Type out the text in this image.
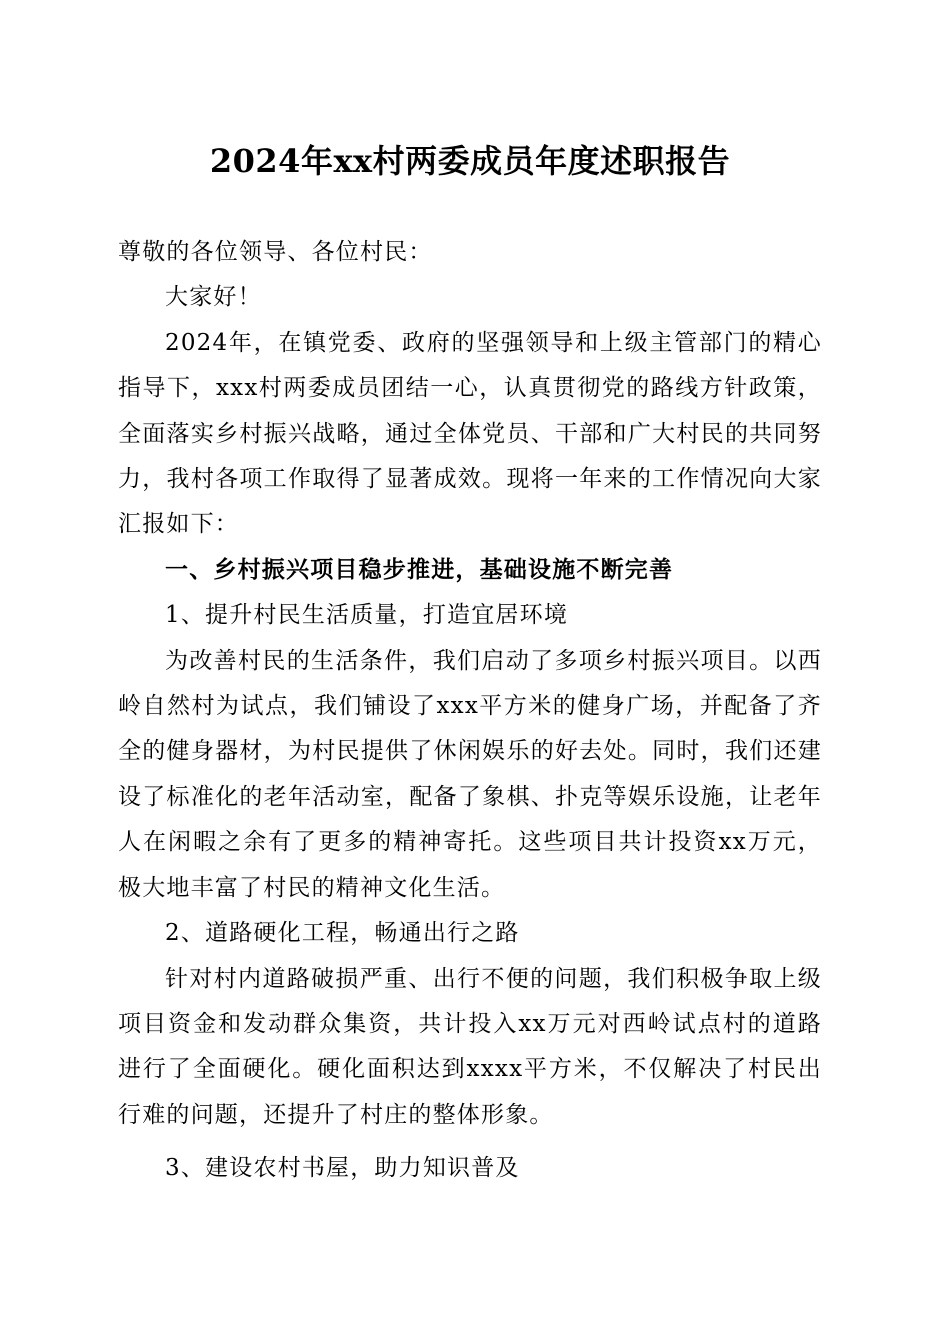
2024年xx村两委成员年度述职报告

尊敬的各位领导、各位村民：

大家好！

2024年，在镇党委、政府的坚强领导和上级主管部门的精心指导下，xxx村两委成员团结一心，认真贯彻党的路线方针政策，全面落实乡村振兴战略，通过全体党员、干部和广大村民的共同努力，我村各项工作取得了显著成效。现将一年来的工作情况向大家汇报如下：

一、乡村振兴项目稳步推进，基础设施不断完善

1、提升村民生活质量，打造宜居环境

为改善村民的生活条件，我们启动了多项乡村振兴项目。以西岭自然村为试点，我们铺设了xxx平方米的健身广场，并配备了齐全的健身器材，为村民提供了休闲娱乐的好去处。同时，我们还建设了标准化的老年活动室，配备了象棋、扑克等娱乐设施，让老年人在闲暇之余有了更多的精神寄托。这些项目共计投资xx万元，极大地丰富了村民的精神文化生活。

2、道路硬化工程，畅通出行之路

针对村内道路破损严重、出行不便的问题，我们积极争取上级项目资金和发动群众集资，共计投入xx万元对西岭试点村的道路进行了全面硬化。硬化面积达到xxxx平方米，不仅解决了村民出行难的问题，还提升了村庄的整体形象。

3、建设农村书屋，助力知识普及
